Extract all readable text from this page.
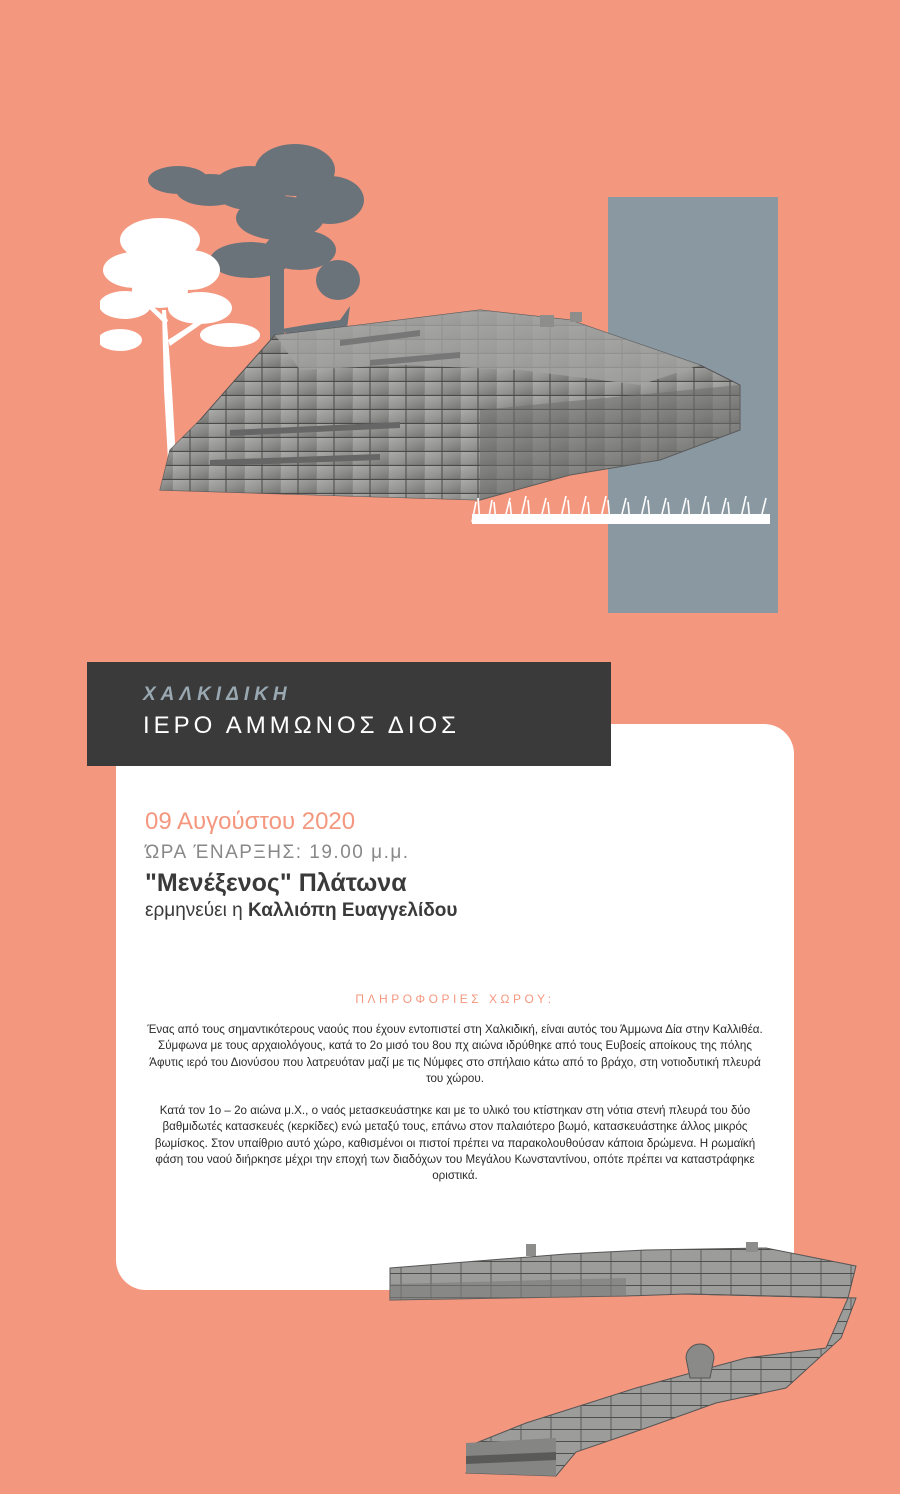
ΧΑΛΚΙΔΙΚΗ
ΙΕΡΟ ΑΜΜΩΝΟΣ ΔΙΟΣ
09 Αυγούστου 2020
ΏΡΑ ΈΝΑΡΞΗΣ: 19.00 μ.μ.
"Μενέξενος" Πλάτωνα
ερμηνεύει η Καλλιόπη Ευαγγελίδου
ΠΛΗΡΟΦΟΡΙΕΣ ΧΩΡΟΥ:

Ένας από τους σημαντικότερους ναούς που έχουν εντοπιστεί στη Χαλκιδική, είναι αυτός του Άμμωνα Δία στην Καλλιθέα. Σύμφωνα με τους αρχαιολόγους, κατά το 2ο μισό του 8ου πχ αιώνα ιδρύθηκε από τους Ευβοείς αποίκους της πόλης Άφυτις ιερό του Διονύσου που λατρευόταν μαζί με τις Νύμφες στο σπήλαιο κάτω από το βράχο, στη νοτιοδυτική πλευρά του χώρου.

Κατά τον 1ο – 2ο αιώνα μ.Χ., ο ναός μετασκευάστηκε και με το υλικό του κτίστηκαν στη νότια στενή πλευρά του δύο βαθμιδωτές κατασκευές (κερκίδες) ενώ μεταξύ τους, επάνω στον παλαιότερο βωμό, κατασκευάστηκε άλλος μικρός βωμίσκος. Στον υπαίθριο αυτό χώρο, καθισμένοι οι πιστοί πρέπει να παρακολουθούσαν κάποια δρώμενα. Η ρωμαϊκή φάση του ναού διήρκησε μέχρι την εποχή των διαδόχων του Μεγάλου Κωνσταντίνου, οπότε πρέπει να καταστράφηκε οριστικά.
